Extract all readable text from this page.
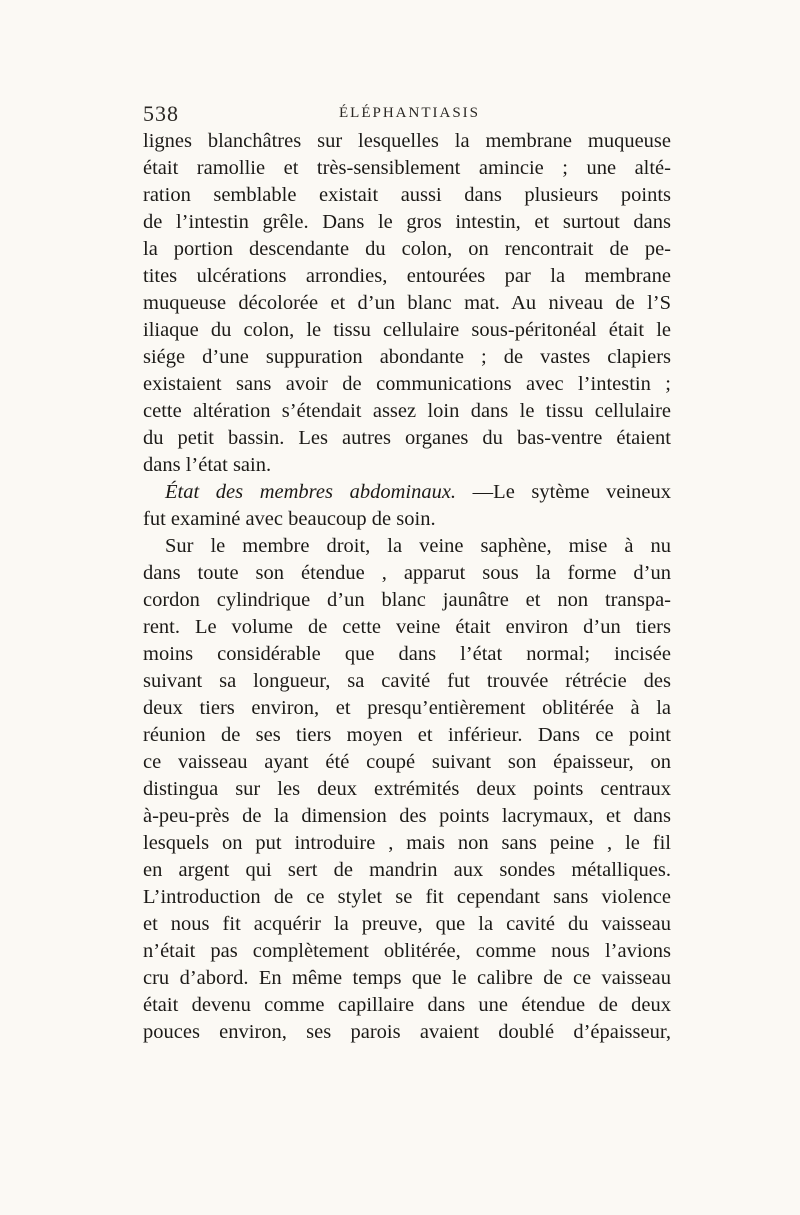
538	ÉLÉPHANTIASIS
lignes blanchâtres sur lesquelles la membrane muqueuse
était ramollie et très-sensiblement amincie ; une alté-
ration semblable existait aussi dans plusieurs points
de l’intestin grêle. Dans le gros intestin, et surtout dans
la portion descendante du colon, on rencontrait de pe-
tites ulcérations arrondies, entourées par la membrane
muqueuse décolorée et d’un blanc mat. Au niveau de l’S
iliaque du colon, le tissu cellulaire sous-péritonéal était le
siége d’une suppuration abondante ; de vastes clapiers
existaient sans avoir de communications avec l’intestin ;
cette altération s’étendait assez loin dans le tissu cellulaire
du petit bassin. Les autres organes du bas-ventre étaient
dans l’état sain.
État des membres abdominaux. —Le sytème veineux
fut examiné avec beaucoup de soin.
Sur le membre droit, la veine saphène, mise à nu
dans toute son étendue , apparut sous la forme d’un
cordon cylindrique d’un blanc jaunâtre et non transpa-
rent. Le volume de cette veine était environ d’un tiers
moins considérable que dans l’état normal; incisée
suivant sa longueur, sa cavité fut trouvée rétrécie des
deux tiers environ, et presqu’entièrement oblitérée à la
réunion de ses tiers moyen et inférieur. Dans ce point
ce vaisseau ayant été coupé suivant son épaisseur, on
distingua sur les deux extrémités deux points centraux
à-peu-près de la dimension des points lacrymaux, et dans
lesquels on put introduire , mais non sans peine , le fil
en argent qui sert de mandrin aux sondes métalliques.
L’introduction de ce stylet se fit cependant sans violence
et nous fit acquérir la preuve, que la cavité du vaisseau
n’était pas complètement oblitérée, comme nous l’avions
cru d’abord. En même temps que le calibre de ce vaisseau
était devenu comme capillaire dans une étendue de deux
pouces environ, ses parois avaient doublé d’épaisseur,
